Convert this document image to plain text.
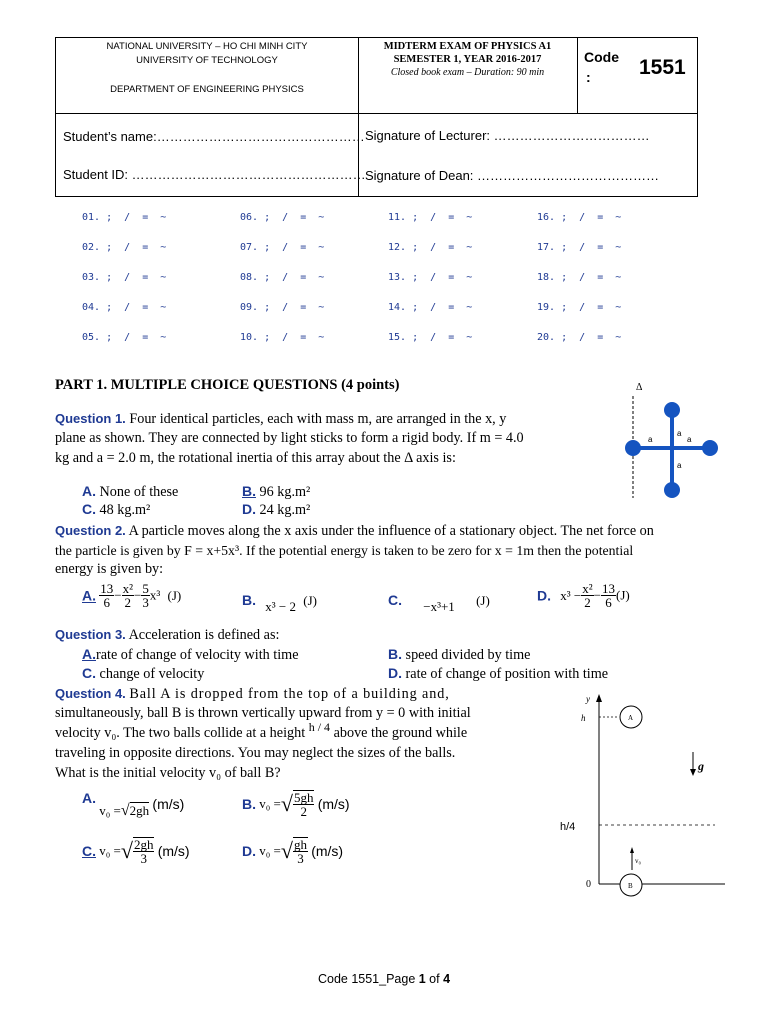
NATIONAL UNIVERSITY – HO CHI MINH CITY
UNIVERSITY OF TECHNOLOGY
DEPARTMENT OF ENGINEERING PHYSICS
MIDTERM EXAM OF PHYSICS A1
SEMESTER 1, YEAR 2016-2017
Closed book exam – Duration: 90 min
Code
: 1551
Student’s name:…………………………………………
Student ID: ………………………………………………
Signature of Lecturer: ………………………………
Signature of Dean: ……………………………………
01. ;  /  =  ~	06. ;  /  =  ~	11. ;  /  =  ~	16. ;  /  =  ~
02. ;  /  =  ~	07. ;  /  =  ~	12. ;  /  =  ~	17. ;  /  =  ~
03. ;  /  =  ~	08. ;  /  =  ~	13. ;  /  =  ~	18. ;  /  =  ~
04. ;  /  =  ~	09. ;  /  =  ~	14. ;  /  =  ~	19. ;  /  =  ~
05. ;  /  =  ~	10. ;  /  =  ~	15. ;  /  =  ~	20. ;  /  =  ~
PART 1. MULTIPLE CHOICE QUESTIONS (4 points)
Question 1. Four identical particles, each with mass m, are arranged in the x, y
plane as shown. They are connected by light sticks to form a rigid body. If m = 4.0
kg and a = 2.0 m, the rotational inertia of this array about the Δ axis is:
A. None of these	B. 96 kg.m²
C. 48 kg.m²	D. 24 kg.m²
Δ
a
a
a
a
Question 2. A particle moves along the x axis under the influence of a stationary object. The net force on
the particle is given by F = x+5x³. If the potential energy is taken to be zero for x = 1m then the potential
energy is given by:
A. $\frac{13}{6} - \frac{\text{x²}}{2} - \frac{5}{3} x^3$ (J)	B. x³ − 2 (J)	C. −x³+1 (J)	D. $x^3 - \frac{\text{x²}}{2} - \frac{13}{6} (J)$
Question 3. Acceleration is defined as:
A.rate of change of velocity with time	B. speed divided by time
C. change of velocity	D. rate of change of position with time
Question 4. Ball A is dropped from the top of a building and,
simultaneously, ball B is thrown vertically upward from y = 0 with initial
velocity v₀. The two balls collide at a height $^{h / 4}$ above the ground while
traveling in opposite directions. You may neglect the sizes of the balls.
What is the initial velocity v₀ of ball B?
A. v₀ =√2gh (m/s)	B. v₀ =√ $\frac{5gh}{2} (m/s)$
C. v₀ =√ $\frac{2gh}{3} (m/s)$	D. v₀ =√ $\frac{gh}{3} (m/s)$
y
h	A
B
g
h/4
0
v₀
Code 1551_Page 1 of 4
